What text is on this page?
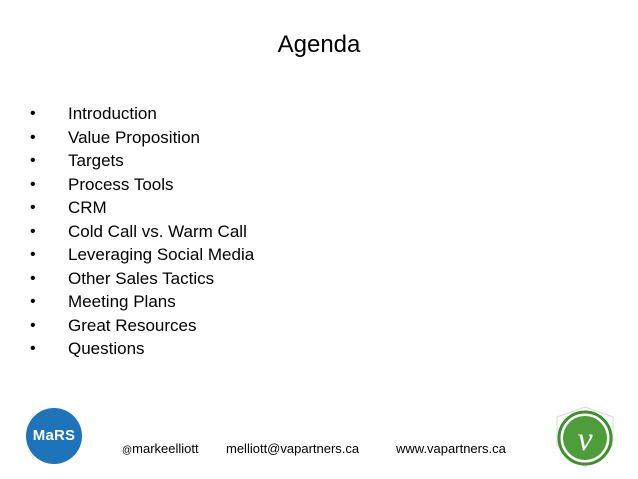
Agenda
• Introduction
• Value Proposition
• Targets
• Process Tools
• CRM
• Cold Call vs. Warm Call
• Leveraging Social Media
• Other Sales Tactics
• Meeting Plans
• Great Resources
• Questions
MaRS
@markeelliott melliott@vapartners.ca	www.vapartners.ca v
